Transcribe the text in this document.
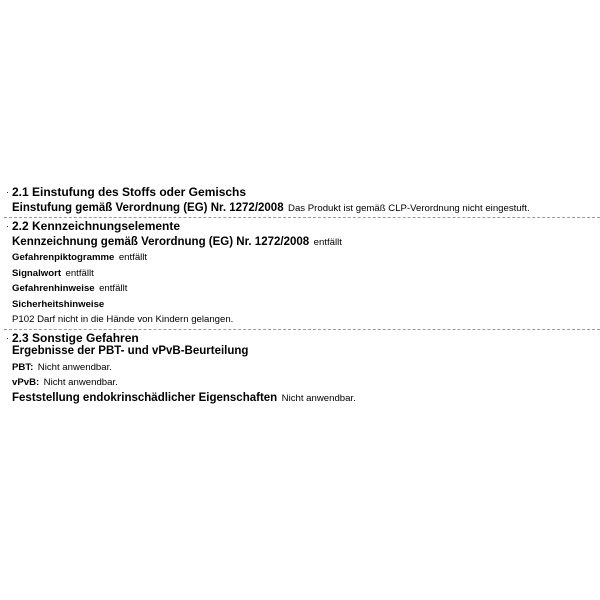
· 2.1 Einstufung des Stoffs oder Gemischs
Einstufung gemäß Verordnung (EG) Nr. 1272/2008 Das Produkt ist gemäß CLP-Verordnung nicht eingestuft.
· 2.2 Kennzeichnungselemente
Kennzeichnung gemäß Verordnung (EG) Nr. 1272/2008 entfällt
Gefahrenpiktogramme entfällt
Signalwort entfällt
Gefahrenhinweise entfällt
Sicherheitshinweise
P102 Darf nicht in die Hände von Kindern gelangen.
· 2.3 Sonstige Gefahren
Ergebnisse der PBT- und vPvB-Beurteilung
PBT: Nicht anwendbar.
vPvB: Nicht anwendbar.
Feststellung endokrinschädlicher Eigenschaften Nicht anwendbar.
